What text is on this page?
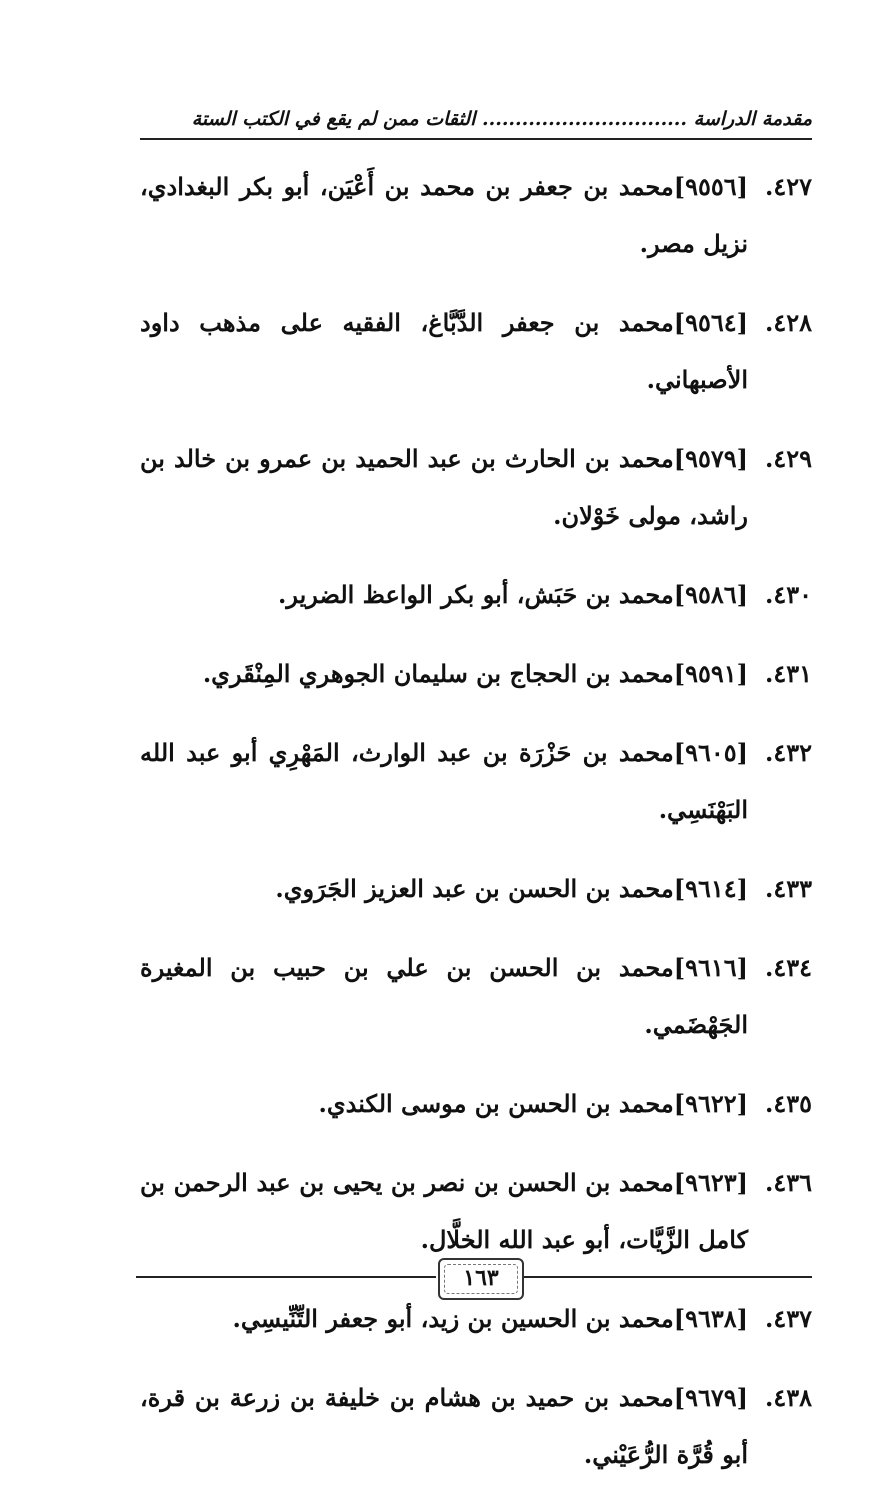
مقدمة الدراسة ............................... الثقات ممن لم يقع في الكتب الستة
٤٢٧.
[٩٥٥٦]محمد بن جعفر بن محمد بن أَعْيَن، أبو بكر البغدادي، نزيل مصر.
٤٢٨.
[٩٥٦٤]محمد بن جعفر الدَّبَّاغ، الفقيه على مذهب داود الأصبهاني.
٤٢٩.
[٩٥٧٩]محمد بن الحارث بن عبد الحميد بن عمرو بن خالد بن راشد، مولى خَوْلان.
٤٣٠.
[٩٥٨٦]محمد بن حَبَش، أبو بكر الواعظ الضرير.
٤٣١.
[٩٥٩١]محمد بن الحجاج بن سليمان الجوهري المِنْقَري.
٤٣٢.
[٩٦٠٥]محمد بن حَزْرَة بن عبد الوارث، المَهْرِي أبو عبد الله البَهْنَسِي.
٤٣٣.
[٩٦١٤]محمد بن الحسن بن عبد العزيز الجَرَوي.
٤٣٤.
[٩٦١٦]محمد بن الحسن بن علي بن حبيب بن المغيرة الجَهْضَمي.
٤٣٥.
[٩٦٢٢]محمد بن الحسن بن موسى الكندي.
٤٣٦.
[٩٦٢٣]محمد بن الحسن بن نصر بن يحيى بن عبد الرحمن بن كامل الزَّيَّات، أبو عبد الله الخلَّال.
٤٣٧.
[٩٦٣٨]محمد بن الحسين بن زيد، أبو جعفر التِّنِّيسِي.
٤٣٨.
[٩٦٧٩]محمد بن حميد بن هشام بن خليفة بن زرعة بن قرة، أبو قُرَّة الرُّعَيْني.
١٦٣
